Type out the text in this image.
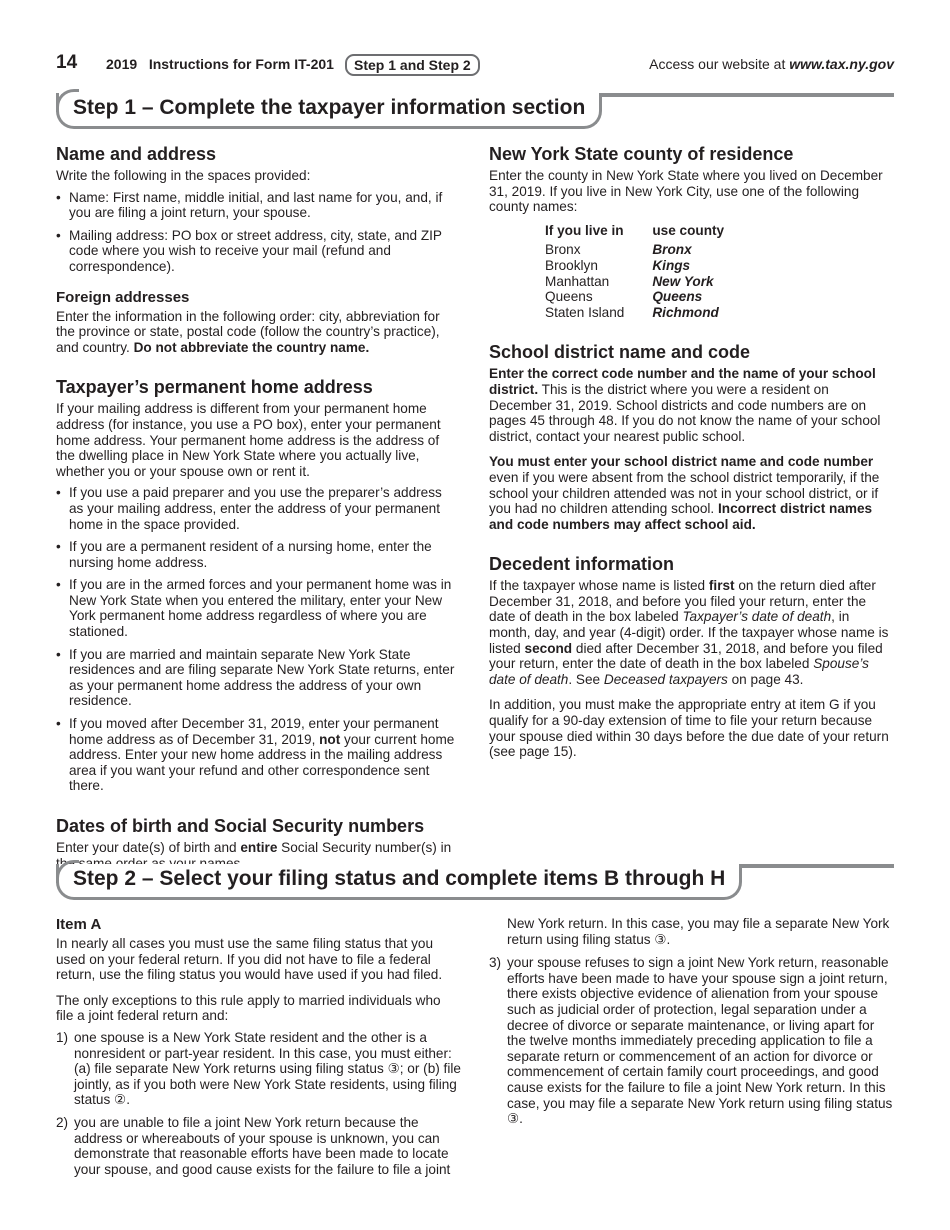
14 2019   Instructions for Form IT-201	Step 1 and Step 2	Access our website at www.tax.ny.gov
Step 1 – Complete the taxpayer information section
Name and address
Write the following in the spaces provided:
• Name: First name, middle initial, and last name for you, and, if you are filing a joint return, your spouse.
• Mailing address: PO box or street address, city, state, and ZIP code where you wish to receive your mail (refund and correspondence).
Foreign addresses
Enter the information in the following order: city, abbreviation for the province or state, postal code (follow the country’s practice), and country. Do not abbreviate the country name.
Taxpayer’s permanent home address
If your mailing address is different from your permanent home address (for instance, you use a PO box), enter your permanent home address. Your permanent home address is the address of the dwelling place in New York State where you actually live, whether you or your spouse own or rent it.
• If you use a paid preparer and you use the preparer’s address as your mailing address, enter the address of your permanent home in the space provided.
• If you are a permanent resident of a nursing home, enter the nursing home address.
• If you are in the armed forces and your permanent home was in New York State when you entered the military, enter your New York permanent home address regardless of where you are stationed.
• If you are married and maintain separate New York State residences and are filing separate New York State returns, enter as your permanent home address the address of your own residence.
• If you moved after December 31, 2019, enter your permanent home address as of December 31, 2019, not your current home address. Enter your new home address in the mailing address area if you want your refund and other correspondence sent there.
Dates of birth and Social Security numbers
Enter your date(s) of birth and entire Social Security number(s) in
New York State county of residence
Enter the county in New York State where you lived on December 31, 2019. If you live in New York City, use one of the following county names:
If you live in	use county
Bronx	Bronx
Brooklyn	Kings
Manhattan	New York
Queens	Queens
Staten Island	Richmond
School district name and code

Enter the correct code number and the name of your school district. This is the district where you were a resident on December 31, 2019. School districts and code numbers are on pages 45 through 48. If you do not know the name of your school district, contact your nearest public school.

You must enter your school district name and code number even if you were absent from the school district temporarily, if the school your children attended was not in your school district, or if you had no children attending school. Incorrect district names and code numbers may affect school aid.

Decedent information

If the taxpayer whose name is listed first on the return died after December 31, 2018, and before you filed your return, enter the date of death in the box labeled Taxpayer’s date of death, in month, day, and year (4-digit) order. If the taxpayer whose name is listed second died after December 31, 2018, and before you filed your return, enter the date of death in the box labeled Spouse’s date of death. See Deceased taxpayers on page 43.

In addition, you must make the appropriate entry at item G if you qualify for a 90-day extension of time to file your return because your spouse died within 30 days before the due date of your return (see page 15).

Step 2 – Select your filing status and complete items B through H
Item A

In nearly all cases you must use the same filing status that you used on your federal return. If you did not have to file a federal return, use the filing status you would have used if you had filed.

The only exceptions to this rule apply to married individuals who file a joint federal return and:

1) one spouse is a New York State resident and the other is a nonresident or part-year resident. In this case, you must either: (a) file separate New York returns using filing status ③; or (b) file jointly, as if you both were New York State residents, using filing status ②.
2) you are unable to file a joint New York return because the address or whereabouts of your spouse is unknown, you can demonstrate that reasonable efforts have been made to locate your spouse, and good cause exists for the failure to file a joint
New York return. In this case, you may file a separate New York return using filing status ③.
3) your spouse refuses to sign a joint New York return, reasonable efforts have been made to have your spouse sign a joint return, there exists objective evidence of alienation from your spouse such as judicial order of protection, legal separation under a decree of divorce or separate maintenance, or living apart for the twelve months immediately preceding application to file a separate return or commencement of an action for divorce or commencement of certain family court proceedings, and good cause exists for the failure to file a joint New York return. In this case, you may file a separate New York return using filing status ③.
